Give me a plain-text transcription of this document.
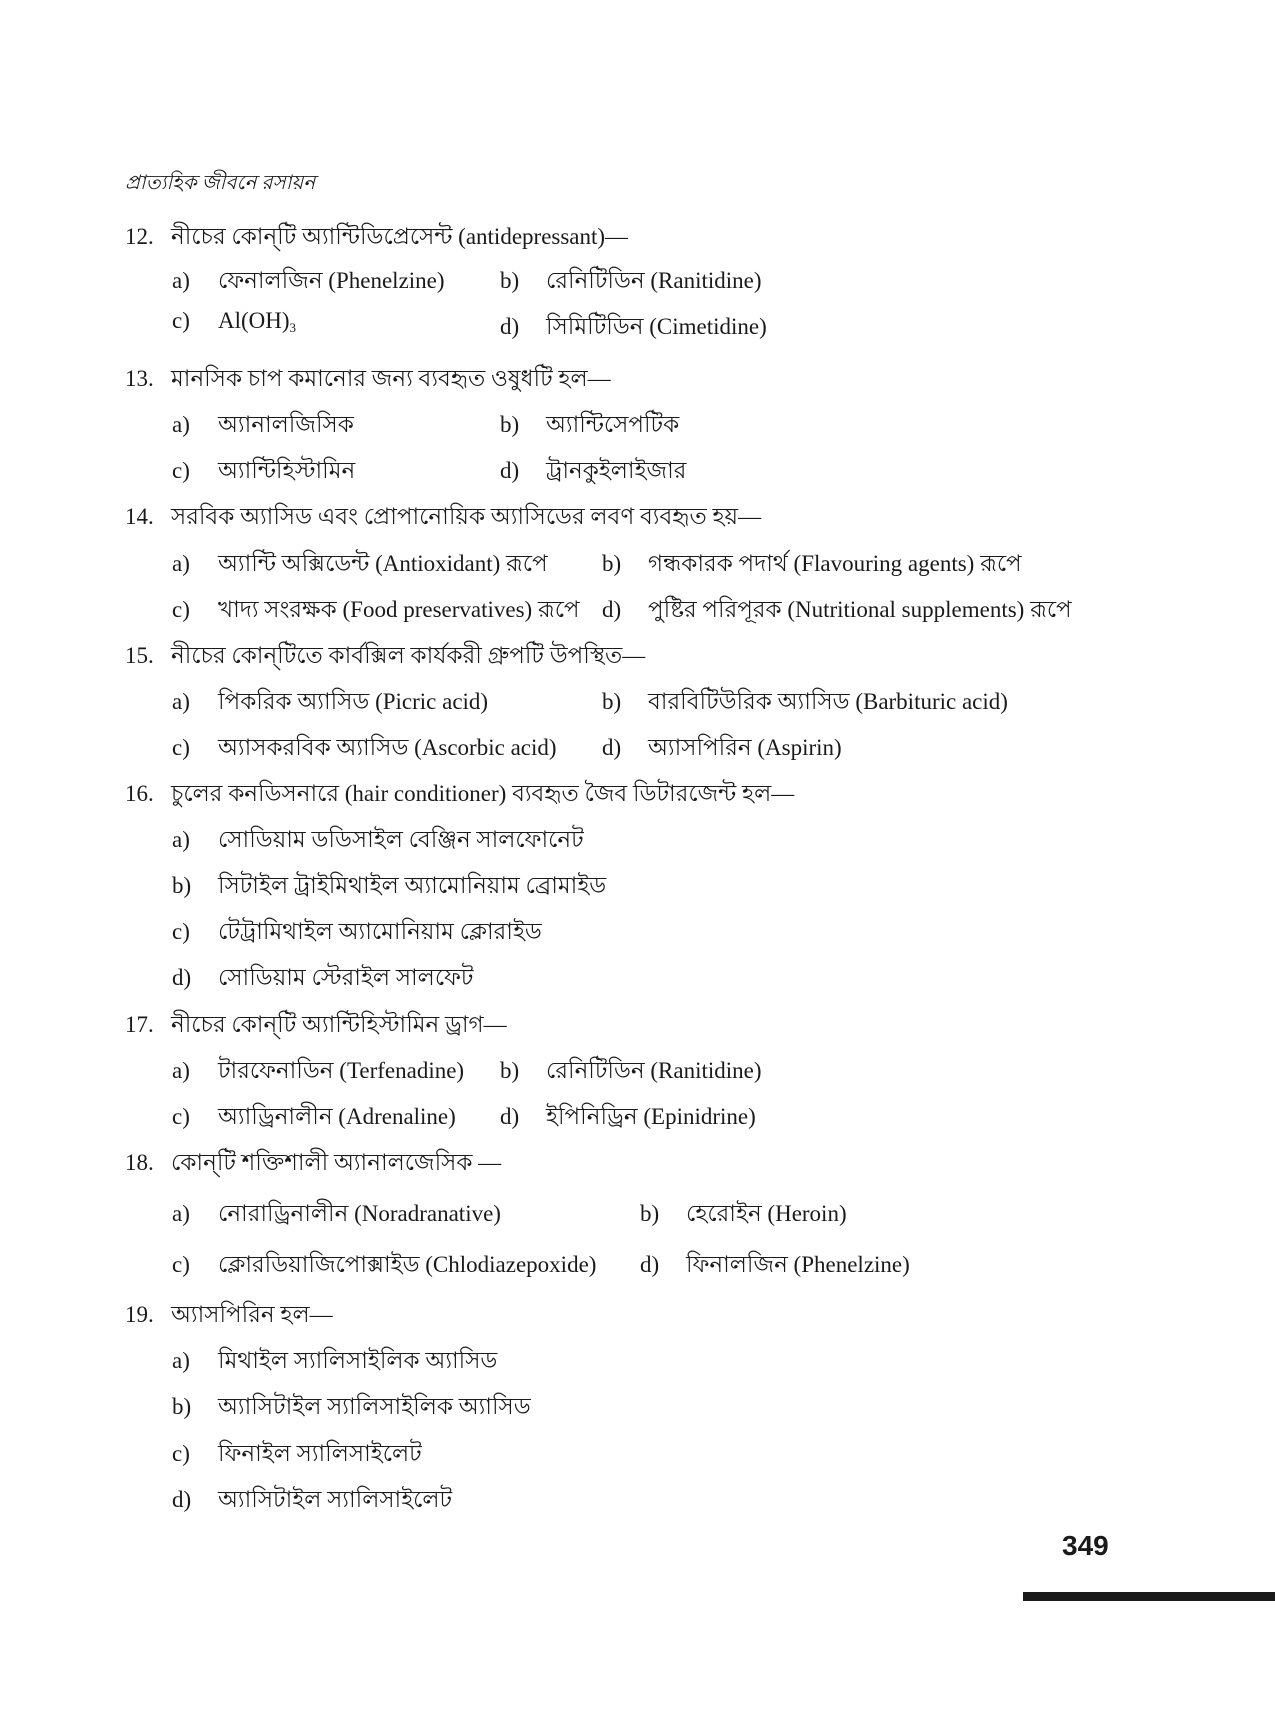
প্রাত্যহিক জীবনে রসায়ন
12. নীচের কোন্‌টি অ্যান্টিডিপ্রেসেন্ট (antidepressant)—
a) ফেনালজিন (Phenelzine) b) রেনিটিডিন (Ranitidine)
c) $Al(OH)_3$	d) সিমিটিডিন (Cimetidine)
13. মানসিক চাপ কমানোর জন্য ব্যবহৃত ওষুধটি হল—
a) অ্যানালজিসিক	b) অ্যান্টিসেপটিক
c) অ্যান্টিহিস্টামিন	d) ট্রানকুইলাইজার
14. সরবিক অ্যাসিড এবং প্রোপানোয়িক অ্যাসিডের লবণ ব্যবহৃত হয়—
a) অ্যান্টি অক্সিডেন্ট (Antioxidant) রূপে b) গন্ধকারক পদার্থ (Flavouring agents) রূপে
c) খাদ্য সংরক্ষক (Food preservatives) রূপে d) পুষ্টির পরিপূরক (Nutritional supplements) রূপে
15. নীচের কোন্‌টিতে কার্বক্সিল কার্যকরী গ্রুপটি উপস্থিত—
a) পিকরিক অ্যাসিড (Picric acid)	b) বারবিটিউরিক অ্যাসিড (Barbituric acid)
c) অ্যাসকরবিক অ্যাসিড (Ascorbic acid) d) অ্যাসপিরিন (Aspirin)
16. চুলের কনডিসনারে (hair conditioner) ব্যবহৃত জৈব ডিটারজেন্ট হল—
a) সোডিয়াম ডডিসাইল বেঞ্জিন সালফোনেট
b) সিটাইল ট্রাইমিথাইল অ্যামোনিয়াম ব্রোমাইড
c) টেট্রামিথাইল অ্যামোনিয়াম ক্লোরাইড
d) সোডিয়াম স্টেরাইল সালফেট
17. নীচের কোন্‌টি অ্যান্টিহিস্টামিন ড্রাগ—
a) টারফেনাডিন (Terfenadine) b) রেনিটিডিন (Ranitidine)
c) অ্যাড্রিনালীন (Adrenaline) d) ইপিনিড্রিন (Epinidrine)
18. কোন্‌টি শক্তিশালী অ্যানালজেসিক —
a) নোরাড্রিনালীন (Noradranative)	b) হেরোইন (Heroin)
c) ক্লোরডিয়াজিপোক্সাইড (Chlodiazepoxide) d) ফিনালজিন (Phenelzine)
19. অ্যাসপিরিন হল—
a) মিথাইল স্যালিসাইলিক অ্যাসিড
b) অ্যাসিটাইল স্যালিসাইলিক অ্যাসিড
c) ফিনাইল স্যালিসাইলেট
d) অ্যাসিটাইল স্যালিসাইলেট
349
